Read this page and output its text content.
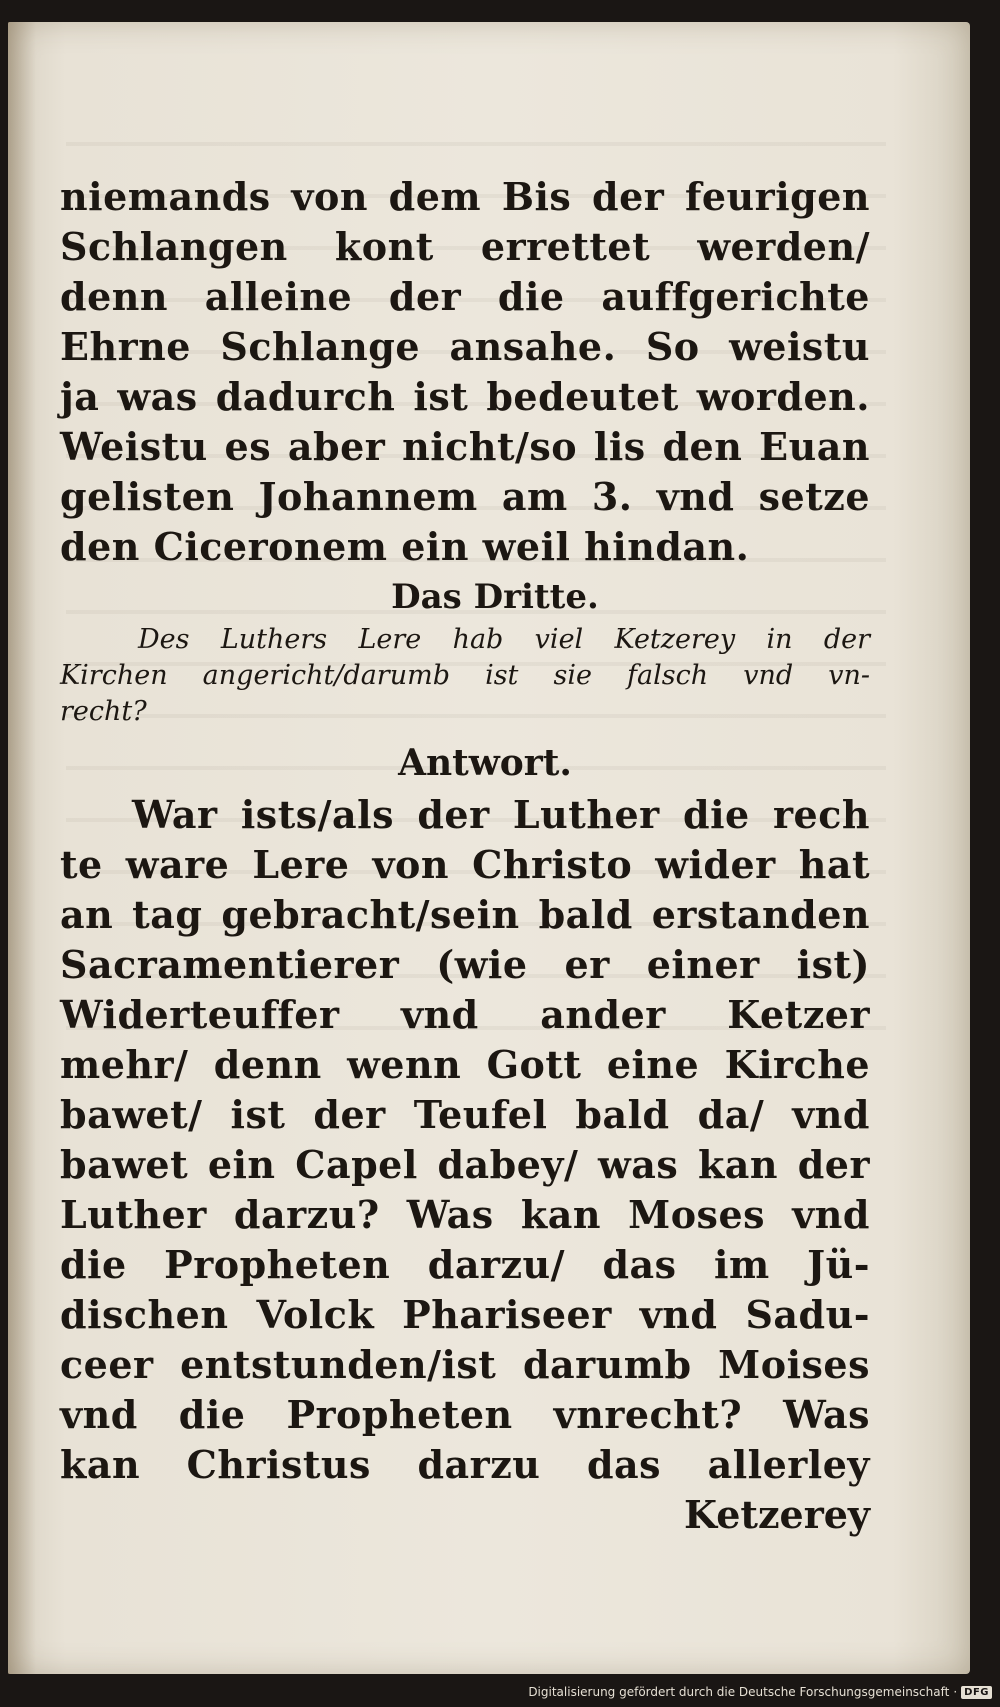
niemands von dem Bis der feurigen
Schlangen kont errettet werden/
denn alleine der die auffgerichte
Ehrne Schlange ansahe. So weistu
ja was dadurch ist bedeutet worden.
Weistu es aber nicht/so lis den Euan
gelisten Johannem am 3. vnd setze
den Ciceronem ein weil hindan.
Das Dritte.
Des Luthers Lere hab viel Ketzerey in der
Kirchen angericht/darumb ist sie falsch vnd vn-
recht?
Antwort.
War ists/als der Luther die rech
te ware Lere von Christo wider hat
an tag gebracht/sein bald erstanden
Sacramentierer (wie er einer ist)
Widerteuffer vnd ander Ketzer
mehr/ denn wenn Gott eine Kirche
bawet/ ist der Teufel bald da/ vnd
bawet ein Capel dabey/ was kan der
Luther darzu? Was kan Moses vnd
die Propheten darzu/ das im Jü-
dischen Volck Phariseer vnd Sadu-
ceer entstunden/ist darumb Moises
vnd die Propheten vnrecht? Was
kan Christus darzu das allerley
Ketzerey
Digitalisierung gefördert durch die Deutsche Forschungsgemeinschaft · DFG
